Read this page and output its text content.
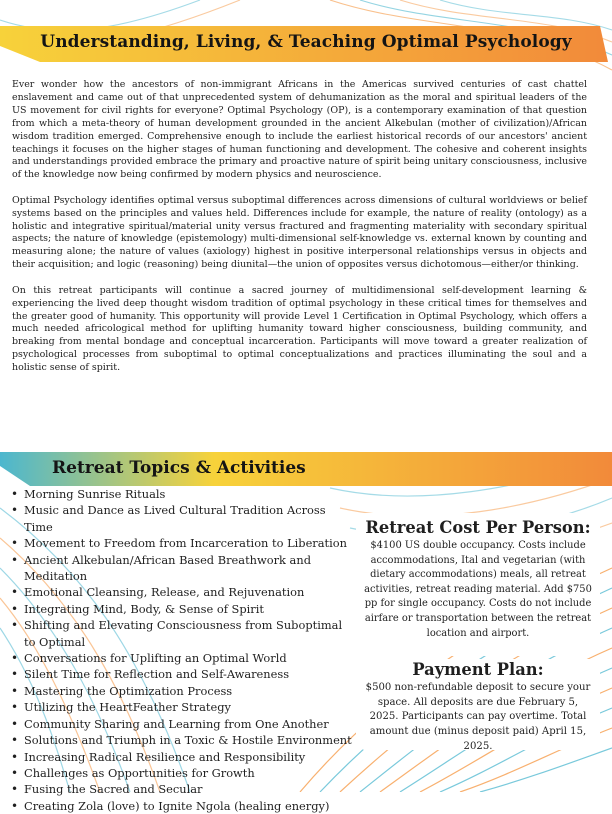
Understanding, Living, & Teaching Optimal Psychology

Ever wonder how the ancestors of non-immigrant Africans in the Americas survived centuries of cast chattel enslavement and came out of that unprecedented system of dehumanization as the moral and spiritual leaders of the US movement for civil rights for everyone? Optimal Psychology (OP), is a contemporary examination of that question from which a meta-theory of human development grounded in the ancient Alkebulan (mother of civilization)/African wisdom tradition emerged. Comprehensive enough to include the earliest historical records of our ancestors' ancient teachings it focuses on the higher stages of human functioning and development. The cohesive and coherent insights and understandings provided embrace the primary and proactive nature of spirit being unitary consciousness, inclusive of the knowledge now being confirmed by modern physics and neuroscience.

Optimal Psychology identifies optimal versus suboptimal differences across dimensions of cultural worldviews or belief systems based on the principles and values held. Differences include for example, the nature of reality (ontology) as a holistic and integrative spiritual/material unity versus fractured and fragmenting materiality with secondary spiritual aspects; the nature of knowledge (epistemology) multi-dimensional self-knowledge vs. external known by counting and measuring alone; the nature of values (axiology) highest in positive interpersonal relationships versus in objects and their acquisition; and logic (reasoning) being diunital—the union of opposites versus dichotomous—either/or thinking.

On this retreat participants will continue a sacred journey of multidimensional self-development learning & experiencing the lived deep thought wisdom tradition of optimal psychology in these critical times for themselves and the greater good of humanity. This opportunity will provide Level 1 Certification in Optimal Psychology, which offers a much needed africological method for uplifting humanity toward higher consciousness, building community, and breaking from mental bondage and conceptual incarceration. Participants will move toward a greater realization of psychological processes from suboptimal to optimal conceptualizations and practices illuminating the soul and a holistic sense of spirit.

Retreat Topics & Activities
• Morning Sunrise Rituals
• Music and Dance as Lived Cultural Tradition Across Time
• Movement to Freedom from Incarceration to Liberation
• Ancient Alkebulan/African Based Breathwork and Meditation
• Emotional Cleansing, Release, and Rejuvenation
• Integrating Mind, Body, & Sense of Spirit
• Shifting and Elevating Consciousness from Suboptimal to Optimal
• Conversations for Uplifting an Optimal World
• Silent Time for Reflection and Self-Awareness
• Mastering the Optimization Process
• Utilizing the HeartFeather Strategy
• Community Sharing and Learning from One Another
• Solutions and Triumph in a Toxic & Hostile Environment
• Increasing Radical Resilience and Responsibility
• Challenges as Opportunities for Growth
• Fusing the Sacred and Secular
• Creating Zola (love) to Ignite Ngola (healing energy)
Retreat Cost Per Person:
$4100 US double occupancy. Costs include accommodations, Ital and vegetarian (with dietary accommodations) meals, all retreat activities, retreat reading material. Add $750 pp for single occupancy. Costs do not include airfare or transportation between the retreat location and airport.
Payment Plan:
$500 non-refundable deposit to secure your space. All deposits are due February 5, 2025. Participants can pay overtime. Total amount due (minus deposit paid) April 15, 2025.
